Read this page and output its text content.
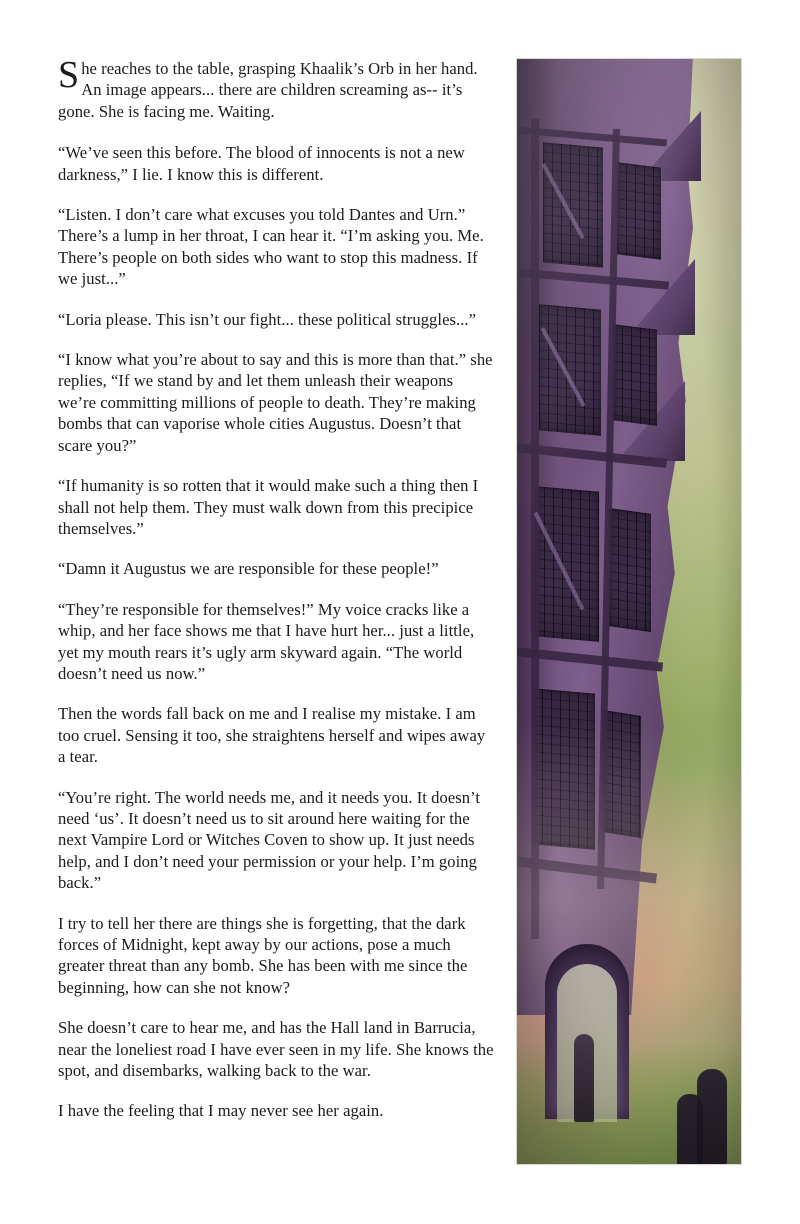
She reaches to the table, grasping Khaalik’s Orb in her hand. An image appears... there are children screaming as-- it’s gone. She is facing me. Waiting.

“We’ve seen this before. The blood of innocents is not a new darkness,” I lie. I know this is different.

“Listen. I don’t care what excuses you told Dantes and Urn.” There’s a lump in her throat, I can hear it. “I’m asking you. Me. There’s people on both sides who want to stop this madness. If we just...”

“Loria please. This isn’t our fight... these political struggles...”

“I know what you’re about to say and this is more than that.” she replies, “If we stand by and let them unleash their weapons we’re committing millions of people to death. They’re making bombs that can vaporise whole cities Augustus. Doesn’t that scare you?”

“If humanity is so rotten that it would make such a thing then I shall not help them. They must walk down from this precipice themselves.”

“Damn it Augustus we are responsible for these people!”

“They’re responsible for themselves!” My voice cracks like a whip, and her face shows me that I have hurt her... just a little, yet my mouth rears it’s ugly arm skyward again. “The world doesn’t need us now.”

Then the words fall back on me and I realise my mistake. I am too cruel. Sensing it too, she straightens herself and wipes away a tear.

“You’re right. The world needs me, and it needs you. It doesn’t need ‘us’. It doesn’t need us to sit around here waiting for the next Vampire Lord or Witches Coven to show up. It just needs help, and I don’t need your permission or your help. I’m going back.”

I try to tell her there are things she is forgetting, that the dark forces of Midnight, kept away by our actions, pose a much greater threat than any bomb. She has been with me since the beginning, how can she not know?

She doesn’t care to hear me, and has the Hall land in Barrucia, near the loneliest road I have ever seen in my life. She knows the spot, and disembarks, walking back to the war.

I have the feeling that I may never see her again.
